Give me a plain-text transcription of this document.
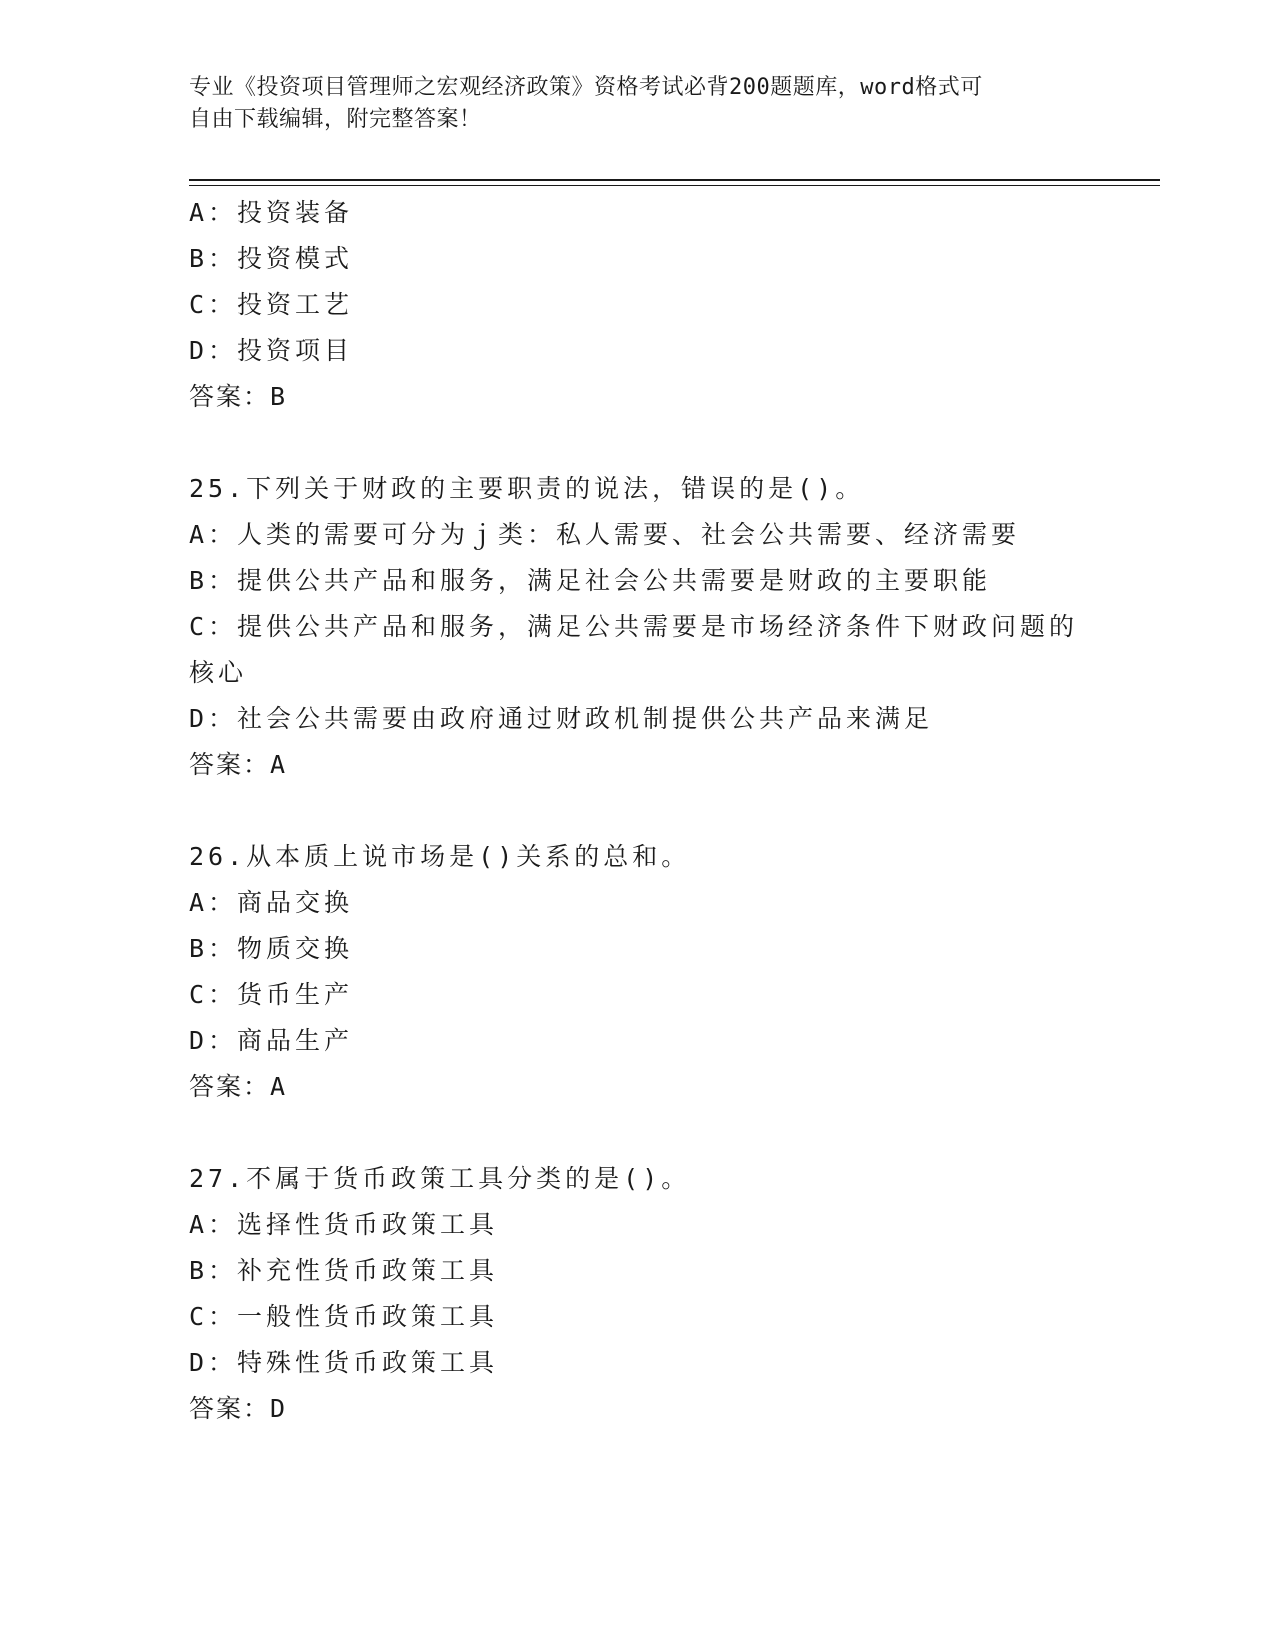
专业《投资项目管理师之宏观经济政策》资格考试必背200题题库，word格式可
自由下载编辑，附完整答案！
A：投资装备
B：投资模式
C：投资工艺
D：投资项目
答案：B
25.下列关于财政的主要职责的说法，错误的是()。
A：人类的需要可分为ｊ类：私人需要、社会公共需要、经济需要
B：提供公共产品和服务，满足社会公共需要是财政的主要职能
C：提供公共产品和服务，满足公共需要是市场经济条件下财政问题的核心
D：社会公共需要由政府通过财政机制提供公共产品来满足
答案：A
26.从本质上说市场是()关系的总和。
A：商品交换
B：物质交换
C：货币生产
D：商品生产
答案：A
27.不属于货币政策工具分类的是()。
A：选择性货币政策工具
B：补充性货币政策工具
C：一般性货币政策工具
D：特殊性货币政策工具
答案：D
